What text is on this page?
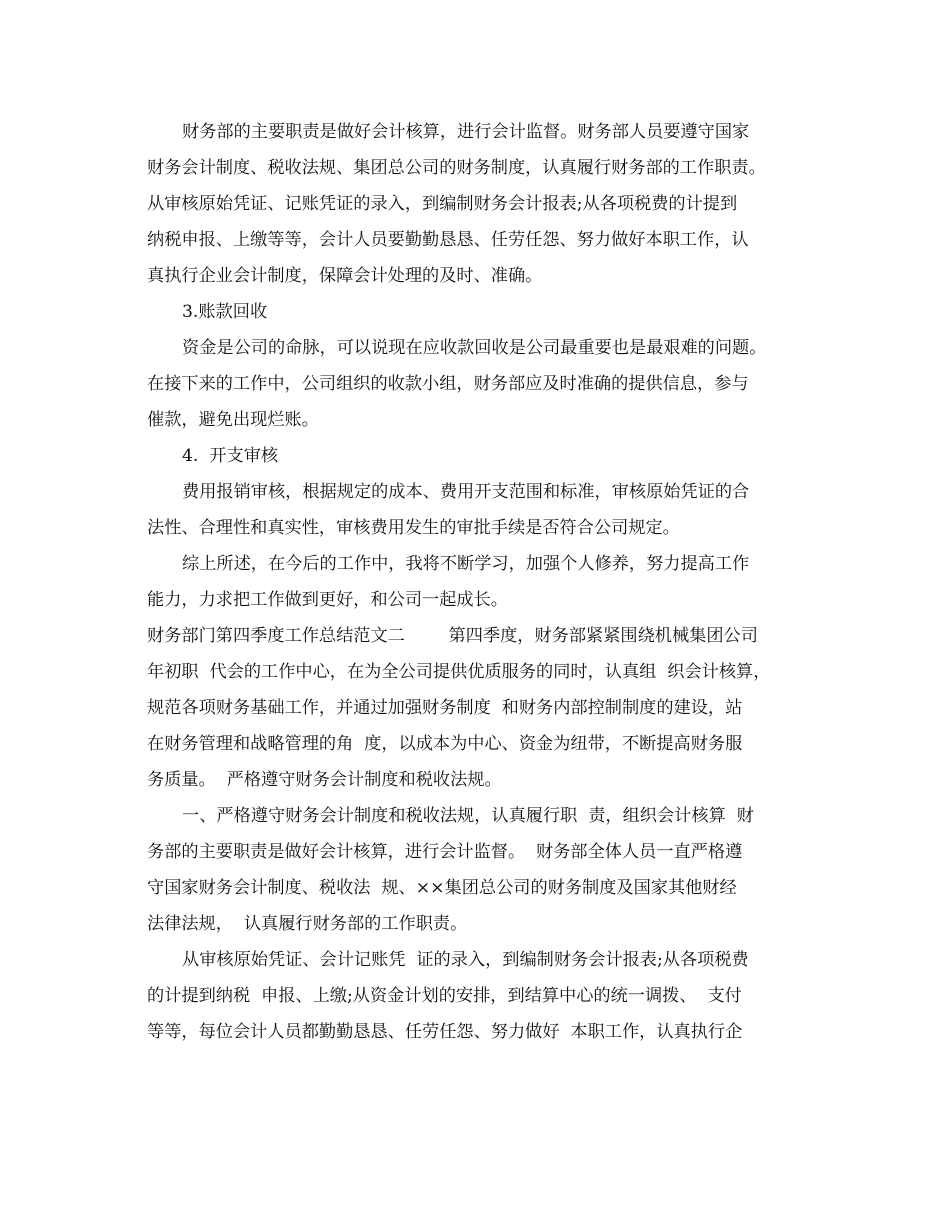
财务部的主要职责是做好会计核算，进行会计监督。财务部人员要遵守国家

财务会计制度、税收法规、集团总公司的财务制度，认真履行财务部的工作职责。

从审核原始凭证、记账凭证的录入，到编制财务会计报表;从各项税费的计提到

纳税申报、上缴等等，会计人员要勤勤恳恳、任劳任怨、努力做好本职工作，认

真执行企业会计制度，保障会计处理的及时、准确。

3.账款回收

资金是公司的命脉，可以说现在应收款回收是公司最重要也是最艰难的问题。

在接下来的工作中，公司组织的收款小组，财务部应及时准确的提供信息，参与

催款，避免出现烂账。

4.  开支审核

费用报销审核，根据规定的成本、费用开支范围和标准，审核原始凭证的合

法性、合理性和真实性，审核费用发生的审批手续是否符合公司规定。

综上所述，在今后的工作中，我将不断学习，加强个人修养，努力提高工作

能力，力求把工作做到更好，和公司一起成长。

财务部门第四季度工作总结范文二        第四季度，财务部紧紧围绕机械集团公司

年初职  代会的工作中心，在为全公司提供优质服务的同时，认真组  织会计核算，

规范各项财务基础工作，并通过加强财务制度  和财务内部控制制度的建设，站

在财务管理和战略管理的角  度，以成本为中心、资金为纽带，不断提高财务服

务质量。  严格遵守财务会计制度和税收法规。

一、严格遵守财务会计制度和税收法规，认真履行职  责，组织会计核算  财

务部的主要职责是做好会计核算，进行会计监督。  财务部全体人员一直严格遵

守国家财务会计制度、税收法  规、××集团总公司的财务制度及国家其他财经

法律法规，  认真履行财务部的工作职责。

从审核原始凭证、会计记账凭  证的录入，到编制财务会计报表;从各项税费

的计提到纳税  申报、上缴;从资金计划的安排，到结算中心的统一调拨、  支付

等等，每位会计人员都勤勤恳恳、任劳任怨、努力做好  本职工作，认真执行企
